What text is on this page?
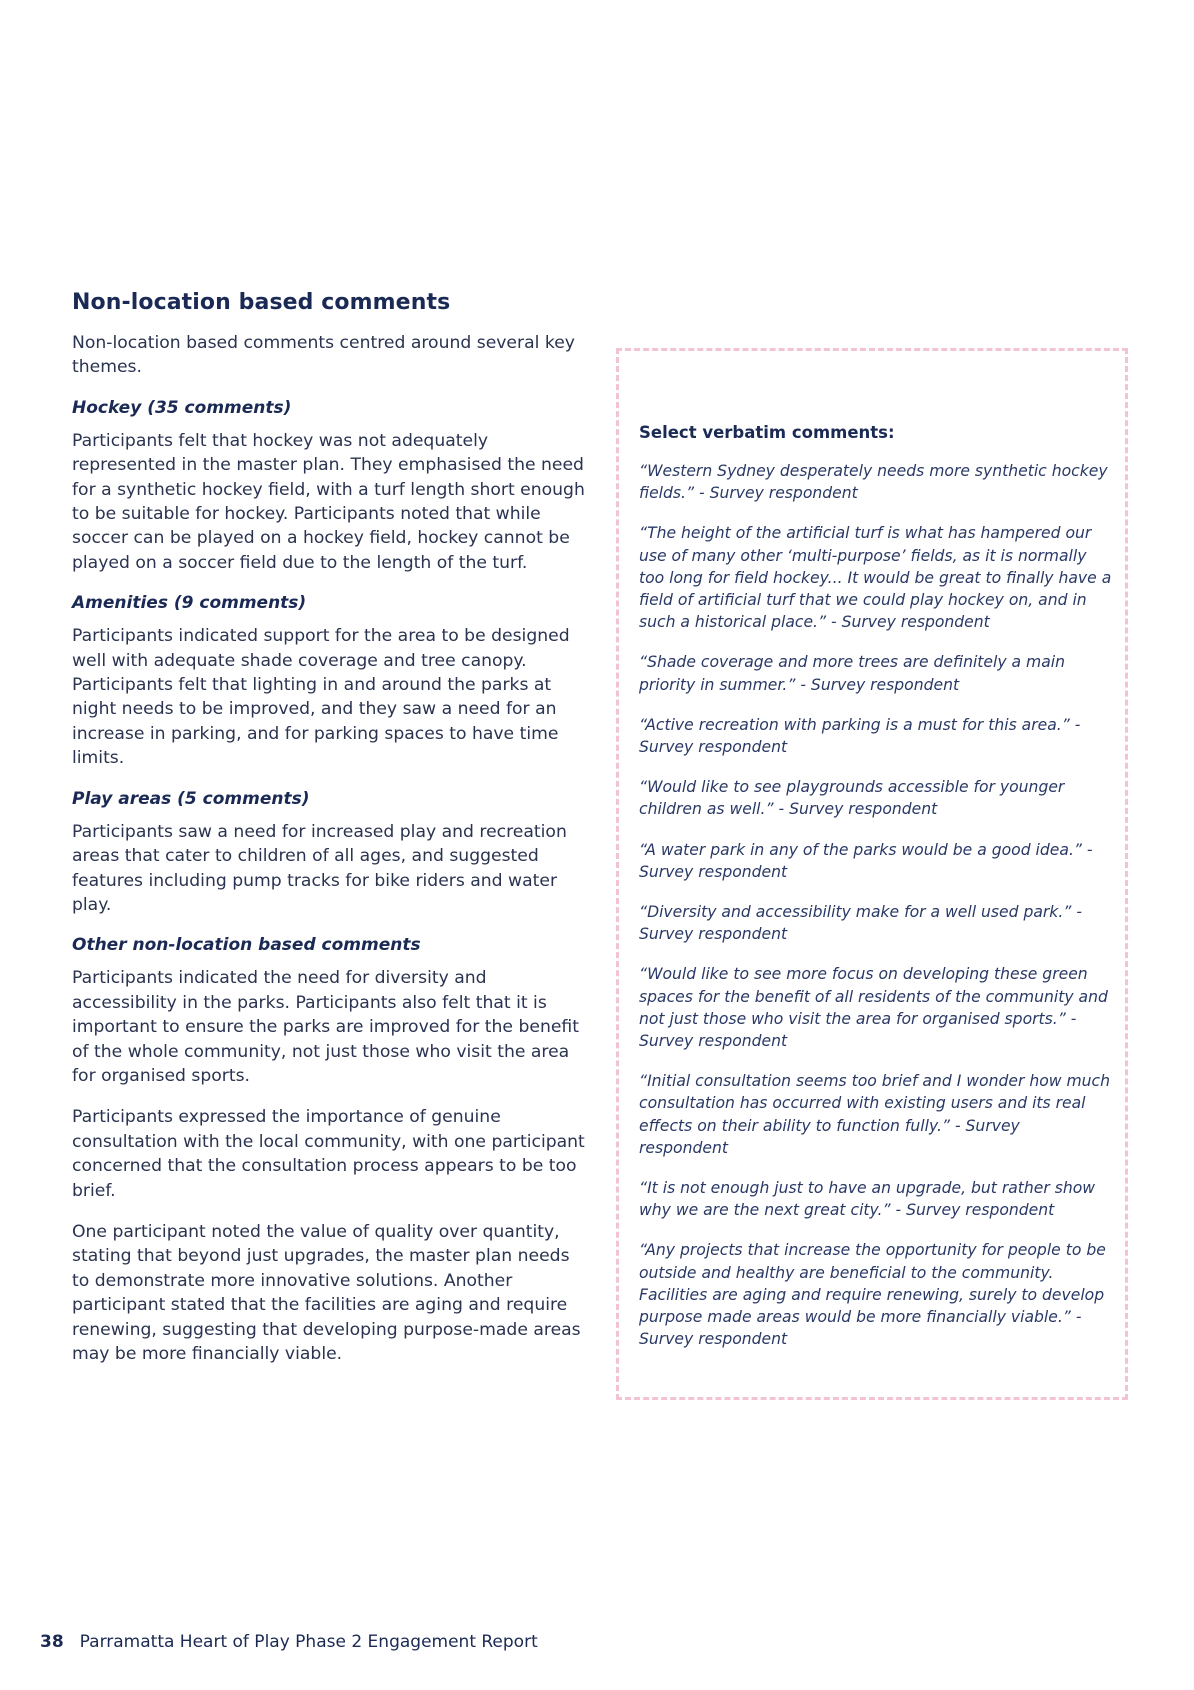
Non-location based comments

Non-location based comments centred around several key themes.

Hockey (35 comments)

Participants felt that hockey was not adequately represented in the master plan. They emphasised the need for a synthetic hockey field, with a turf length short enough to be suitable for hockey. Participants noted that while soccer can be played on a hockey field, hockey cannot be played on a soccer field due to the length of the turf.

Amenities (9 comments)

Participants indicated support for the area to be designed well with adequate shade coverage and tree canopy. Participants felt that lighting in and around the parks at night needs to be improved, and they saw a need for an increase in parking, and for parking spaces to have time limits.

Play areas (5 comments)

Participants saw a need for increased play and recreation areas that cater to children of all ages, and suggested features including pump tracks for bike riders and water play.

Other non-location based comments

Participants indicated the need for diversity and accessibility in the parks. Participants also felt that it is important to ensure the parks are improved for the benefit of the whole community, not just those who visit the area for organised sports.

Participants expressed the importance of genuine consultation with the local community, with one participant concerned that the consultation process appears to be too brief.

One participant noted the value of quality over quantity, stating that beyond just upgrades, the master plan needs to demonstrate more innovative solutions. Another participant stated that the facilities are aging and require renewing, suggesting that developing purpose-made areas may be more financially viable.

Select verbatim comments:

“Western Sydney desperately needs more synthetic hockey fields.” - Survey respondent

“The height of the artificial turf is what has hampered our use of many other ‘multi-purpose’ fields, as it is normally too long for field hockey... It would be great to finally have a field of artificial turf that we could play hockey on, and in such a historical place.” - Survey respondent

“Shade coverage and more trees are definitely a main priority in summer.” - Survey respondent

“Active recreation with parking is a must for this area.” - Survey respondent

“Would like to see playgrounds accessible for younger children as well.” - Survey respondent

“A water park in any of the parks would be a good idea.” - Survey respondent

“Diversity and accessibility make for a well used park.” - Survey respondent

“Would like to see more focus on developing these green spaces for the benefit of all residents of the community and not just those who visit the area for organised sports.” - Survey respondent

“Initial consultation seems too brief and I wonder how much consultation has occurred with existing users and its real effects on their ability to function fully.” - Survey respondent

“It is not enough just to have an upgrade, but rather show why we are the next great city.” - Survey respondent

“Any projects that increase the opportunity for people to be outside and healthy are beneficial to the community. Facilities are aging and require renewing, surely to develop purpose made areas would be more financially viable.” - Survey respondent

38 Parramatta Heart of Play Phase 2 Engagement Report
